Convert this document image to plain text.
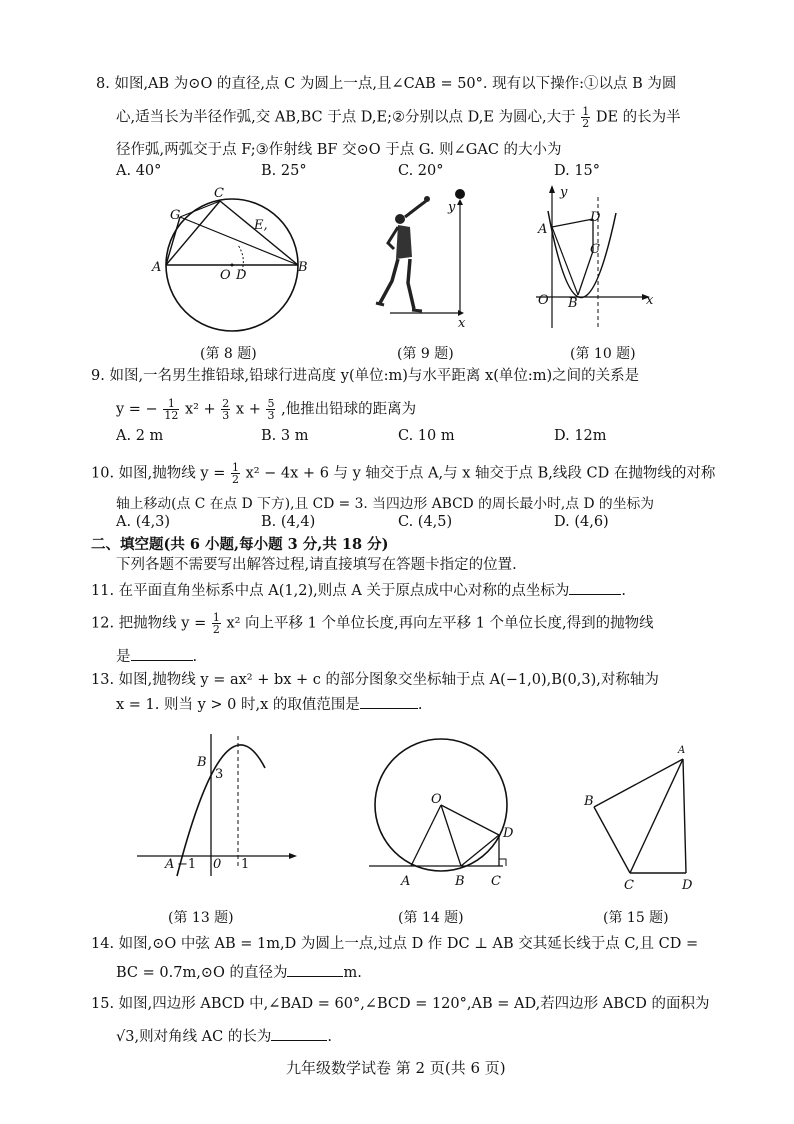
8. 如图,AB 为⊙O 的直径,点 C 为圆上一点,且∠CAB = 50°. 现有以下操作:①以点 B 为圆
心,适当长为半径作弧,交 AB,BC 于点 D,E;②分别以点 D,E 为圆心,大于 $\frac{1}{2}$ DE 的长为半
径作弧,两弧交于点 F;③作射线 BF 交⊙O 于点 G. 则∠GAC 的大小为
A. 40°	B. 25°	C. 20°	D. 15°
C
G
E,
A
O D
B
y
x
y
A
D
C
O B	x
(第 8 题)	(第 9 题)	(第 10 题)
9. 如图,一名男生推铅球,铅球行进高度 y(单位:m)与水平距离 x(单位:m)之间的关系是
y = − $\frac{1}{12} x^2 + \frac{2}{3}$ $x + \frac{5}{3}$ ,他推出铅球的距离为
A. 2 m	B. 3 m	C. 10 m	D. 12m
10. 如图,抛物线 $y = \frac{1}{2} x^2 - 4x + 6$ 与 y 轴交于点 A,与 x 轴交于点 B,线段 CD 在抛物线的对称
轴上移动(点 C 在点 D 下方),且 CD = 3. 当四边形 ABCD 的周长最小时,点 D 的坐标为
A. (4,3)	B. (4,4)	C. (4,5)	D. (4,6)
二、填空题(共 6 小题,每小题 3 分,共 18 分)
下列各题不需要写出解答过程,请直接填写在答题卡指定的位置.
11. 在平面直角坐标系中点 A(1,2),则点 A 关于原点成中心对称的点坐标为	.
12. 把抛物线 $y = \frac{1}{2} x^2$ 向上平移 1 个单位长度,再向左平移 1 个单位长度,得到的抛物线
是	.
13. 如图,抛物线 y = ax² + bx + c 的部分图象交坐标轴于点 A(−1,0),B(0,3),对称轴为
x = 1. 则当 y > 0 时,x 的取值范围是	.
B
3
A −1 0 1
O
D
A	B C
A
B
C	D
(第 13 题)	(第 14 题)	(第 15 题)
14. 如图,⊙O 中弦 AB = 1m,D 为圆上一点,过点 D 作 DC ⊥ AB 交其延长线于点 C,且 CD =
BC = 0.7m,⊙O 的直径为	m.
15. 如图,四边形 ABCD 中,∠BAD = 60°,∠BCD = 120°,AB = AD,若四边形 ABCD 的面积为
√3,则对角线 AC 的长为	.
九年级数学试卷 第 2 页(共 6 页)
